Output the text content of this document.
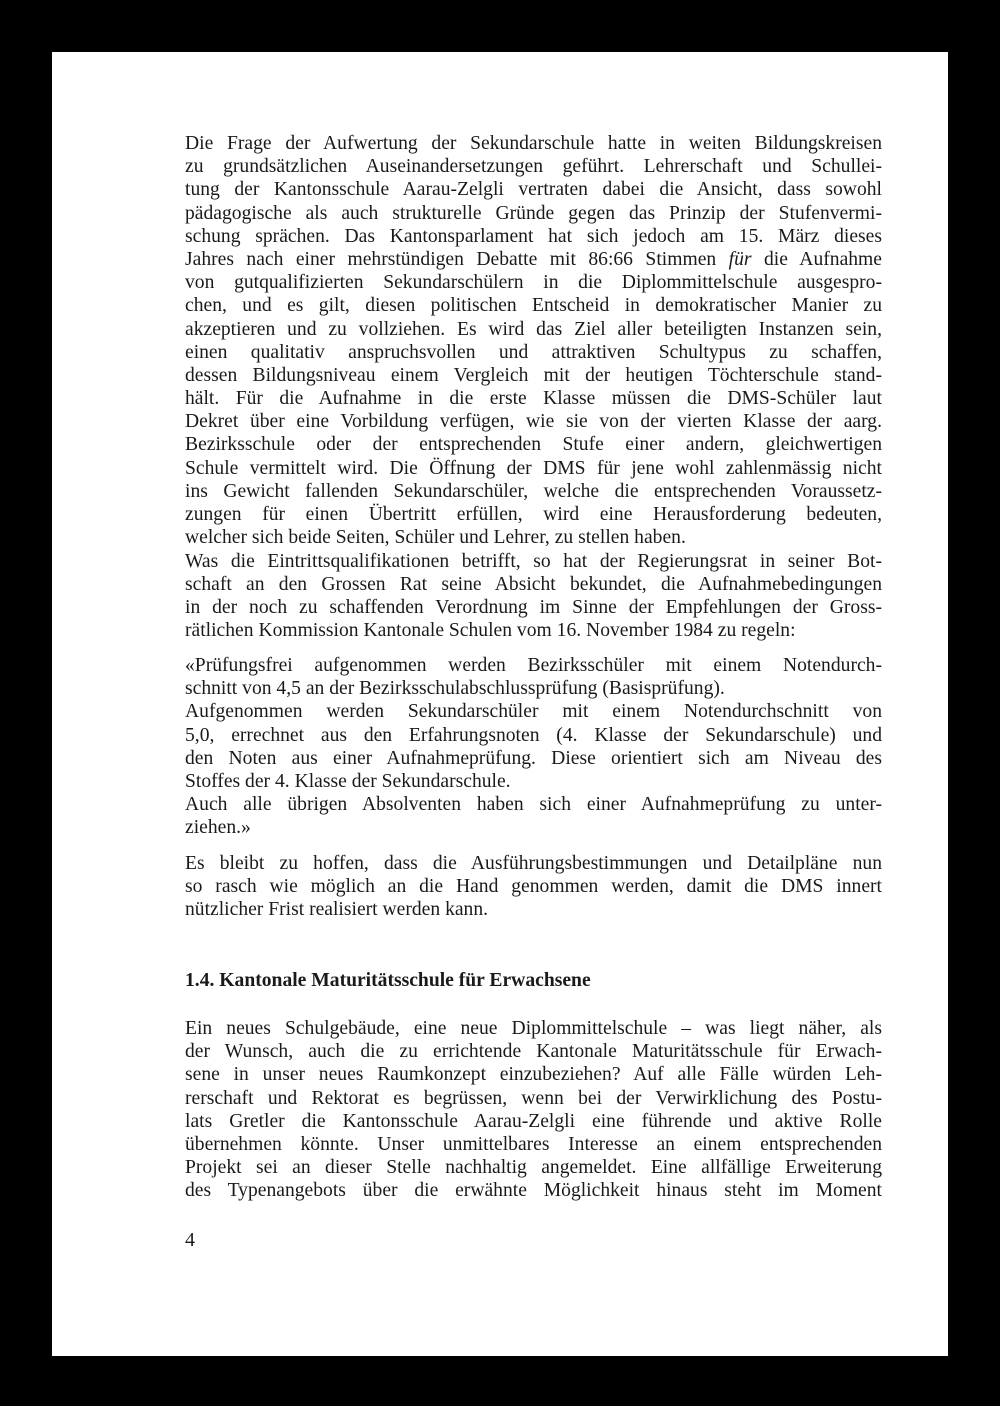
Die Frage der Aufwertung der Sekundarschule hatte in weiten Bildungskreisen
zu grundsätzlichen Auseinandersetzungen geführt. Lehrerschaft und Schullei-
tung der Kantonsschule Aarau-Zelgli vertraten dabei die Ansicht, dass sowohl
pädagogische als auch strukturelle Gründe gegen das Prinzip der Stufenvermi-
schung sprächen. Das Kantonsparlament hat sich jedoch am 15. März dieses
Jahres nach einer mehrstündigen Debatte mit 86:66 Stimmen für die Aufnahme
von gutqualifizierten Sekundarschülern in die Diplommittelschule ausgespro-
chen, und es gilt, diesen politischen Entscheid in demokratischer Manier zu
akzeptieren und zu vollziehen. Es wird das Ziel aller beteiligten Instanzen sein,
einen qualitativ anspruchsvollen und attraktiven Schultypus zu schaffen,
dessen Bildungsniveau einem Vergleich mit der heutigen Töchterschule stand-
hält. Für die Aufnahme in die erste Klasse müssen die DMS-Schüler laut
Dekret über eine Vorbildung verfügen, wie sie von der vierten Klasse der aarg.
Bezirksschule oder der entsprechenden Stufe einer andern, gleichwertigen
Schule vermittelt wird. Die Öffnung der DMS für jene wohl zahlenmässig nicht
ins Gewicht fallenden Sekundarschüler, welche die entsprechenden Voraussetz-
zungen für einen Übertritt erfüllen, wird eine Herausforderung bedeuten,
welcher sich beide Seiten, Schüler und Lehrer, zu stellen haben.
Was die Eintrittsqualifikationen betrifft, so hat der Regierungsrat in seiner Bot-
schaft an den Grossen Rat seine Absicht bekundet, die Aufnahmebedingungen
in der noch zu schaffenden Verordnung im Sinne der Empfehlungen der Gross-
rätlichen Kommission Kantonale Schulen vom 16. November 1984 zu regeln:
«Prüfungsfrei aufgenommen werden Bezirksschüler mit einem Notendurch-
schnitt von 4,5 an der Bezirksschulabschlussprüfung (Basisprüfung).
Aufgenommen werden Sekundarschüler mit einem Notendurchschnitt von
5,0, errechnet aus den Erfahrungsnoten (4. Klasse der Sekundarschule) und
den Noten aus einer Aufnahmeprüfung. Diese orientiert sich am Niveau des
Stoffes der 4. Klasse der Sekundarschule.
Auch alle übrigen Absolventen haben sich einer Aufnahmeprüfung zu unter-
ziehen.»
Es bleibt zu hoffen, dass die Ausführungsbestimmungen und Detailpläne nun
so rasch wie möglich an die Hand genommen werden, damit die DMS innert
nützlicher Frist realisiert werden kann.
1.4. Kantonale Maturitätsschule für Erwachsene
Ein neues Schulgebäude, eine neue Diplommittelschule – was liegt näher, als
der Wunsch, auch die zu errichtende Kantonale Maturitätsschule für Erwach-
sene in unser neues Raumkonzept einzubeziehen? Auf alle Fälle würden Leh-
rerschaft und Rektorat es begrüssen, wenn bei der Verwirklichung des Postu-
lats Gretler die Kantonsschule Aarau-Zelgli eine führende und aktive Rolle
übernehmen könnte. Unser unmittelbares Interesse an einem entsprechenden
Projekt sei an dieser Stelle nachhaltig angemeldet. Eine allfällige Erweiterung
des Typenangebots über die erwähnte Möglichkeit hinaus steht im Moment
4
